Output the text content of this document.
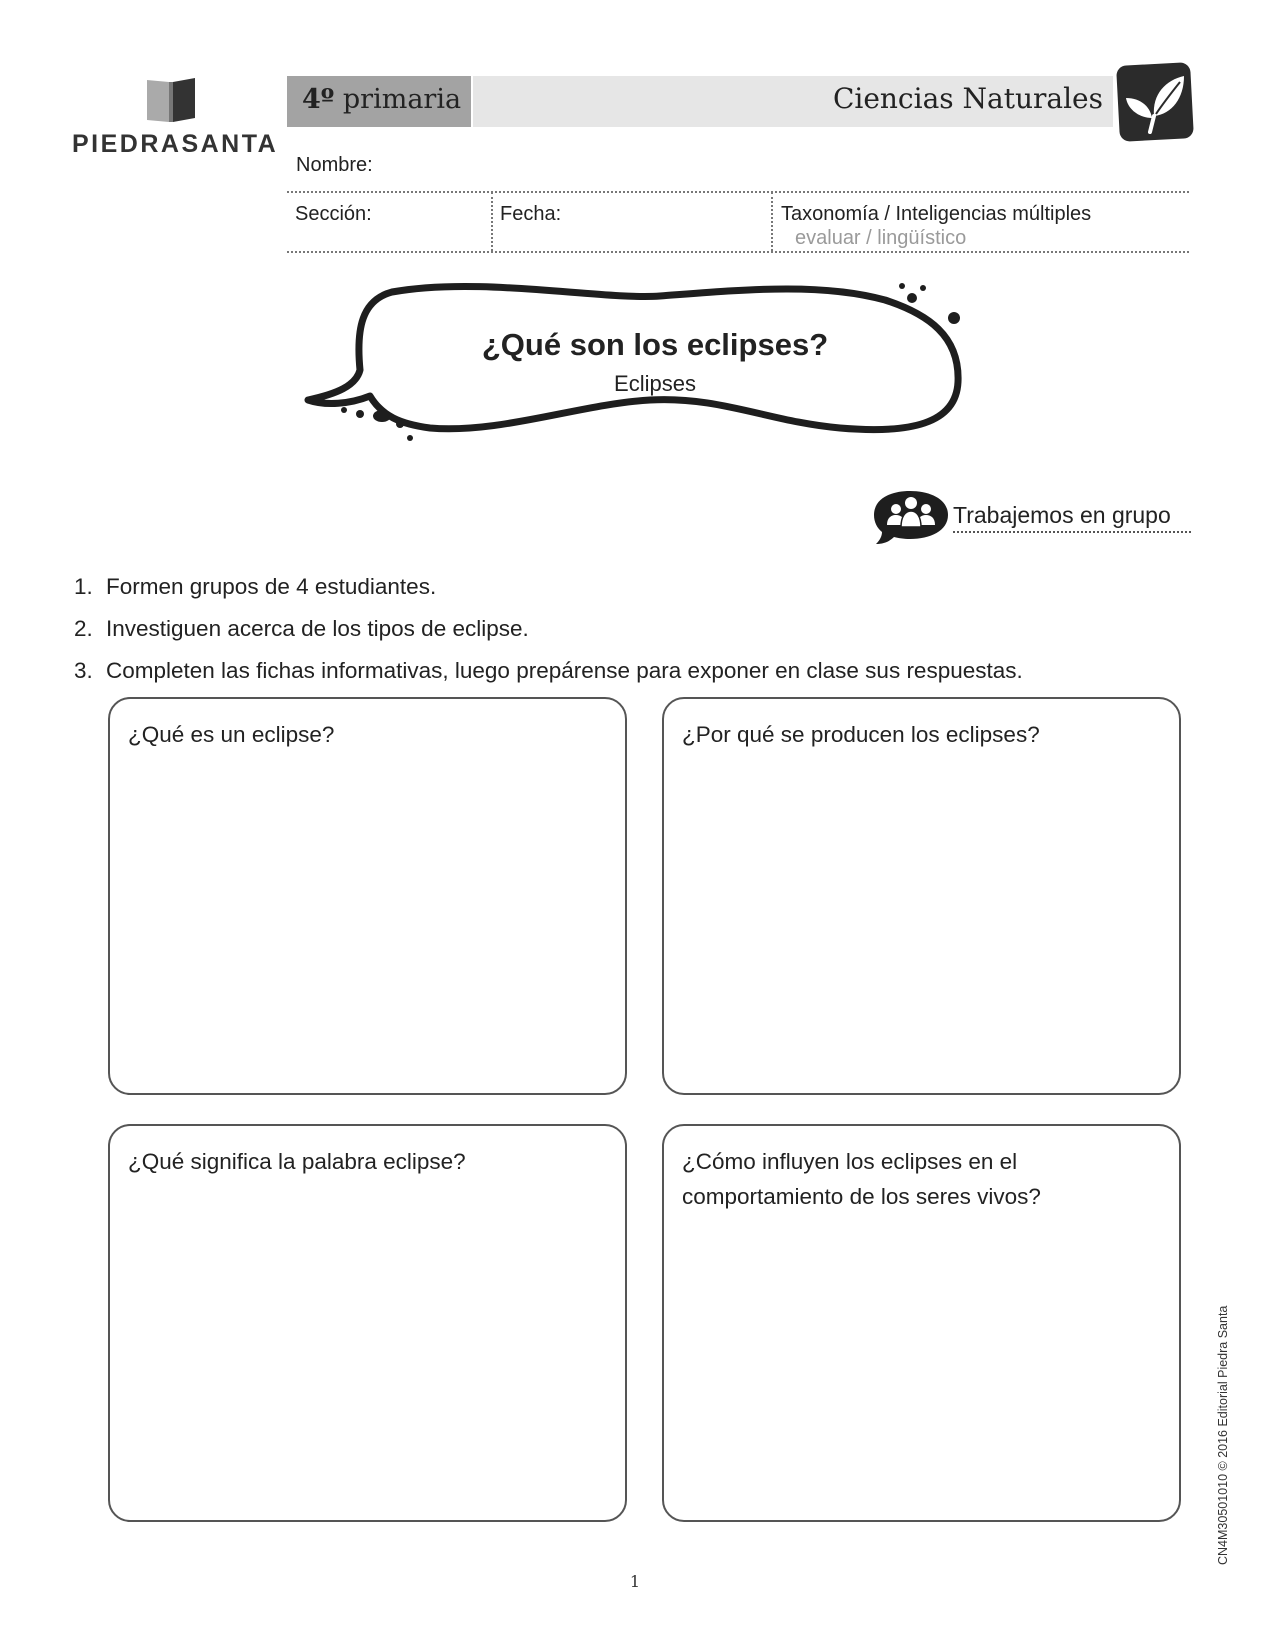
PIEDRASANTA
4º primaria	Ciencias Naturales
Nombre:
Sección:	Fecha:	Taxonomía / Inteligencias múltiples
evaluar / lingüístico
¿Qué son los eclipses?
Eclipses
Trabajemos en grupo
1. Formen grupos de 4 estudiantes.
2. Investiguen acerca de los tipos de eclipse.
3. Completen las fichas informativas, luego prepárense para exponer en clase sus respuestas.
¿Qué es un eclipse?	¿Por qué se producen los eclipses?
¿Qué significa la palabra eclipse?	¿Cómo influyen los eclipses en el comportamiento de los seres vivos?
CN4M30501010 © 2016 Editorial Piedra Santa
1
